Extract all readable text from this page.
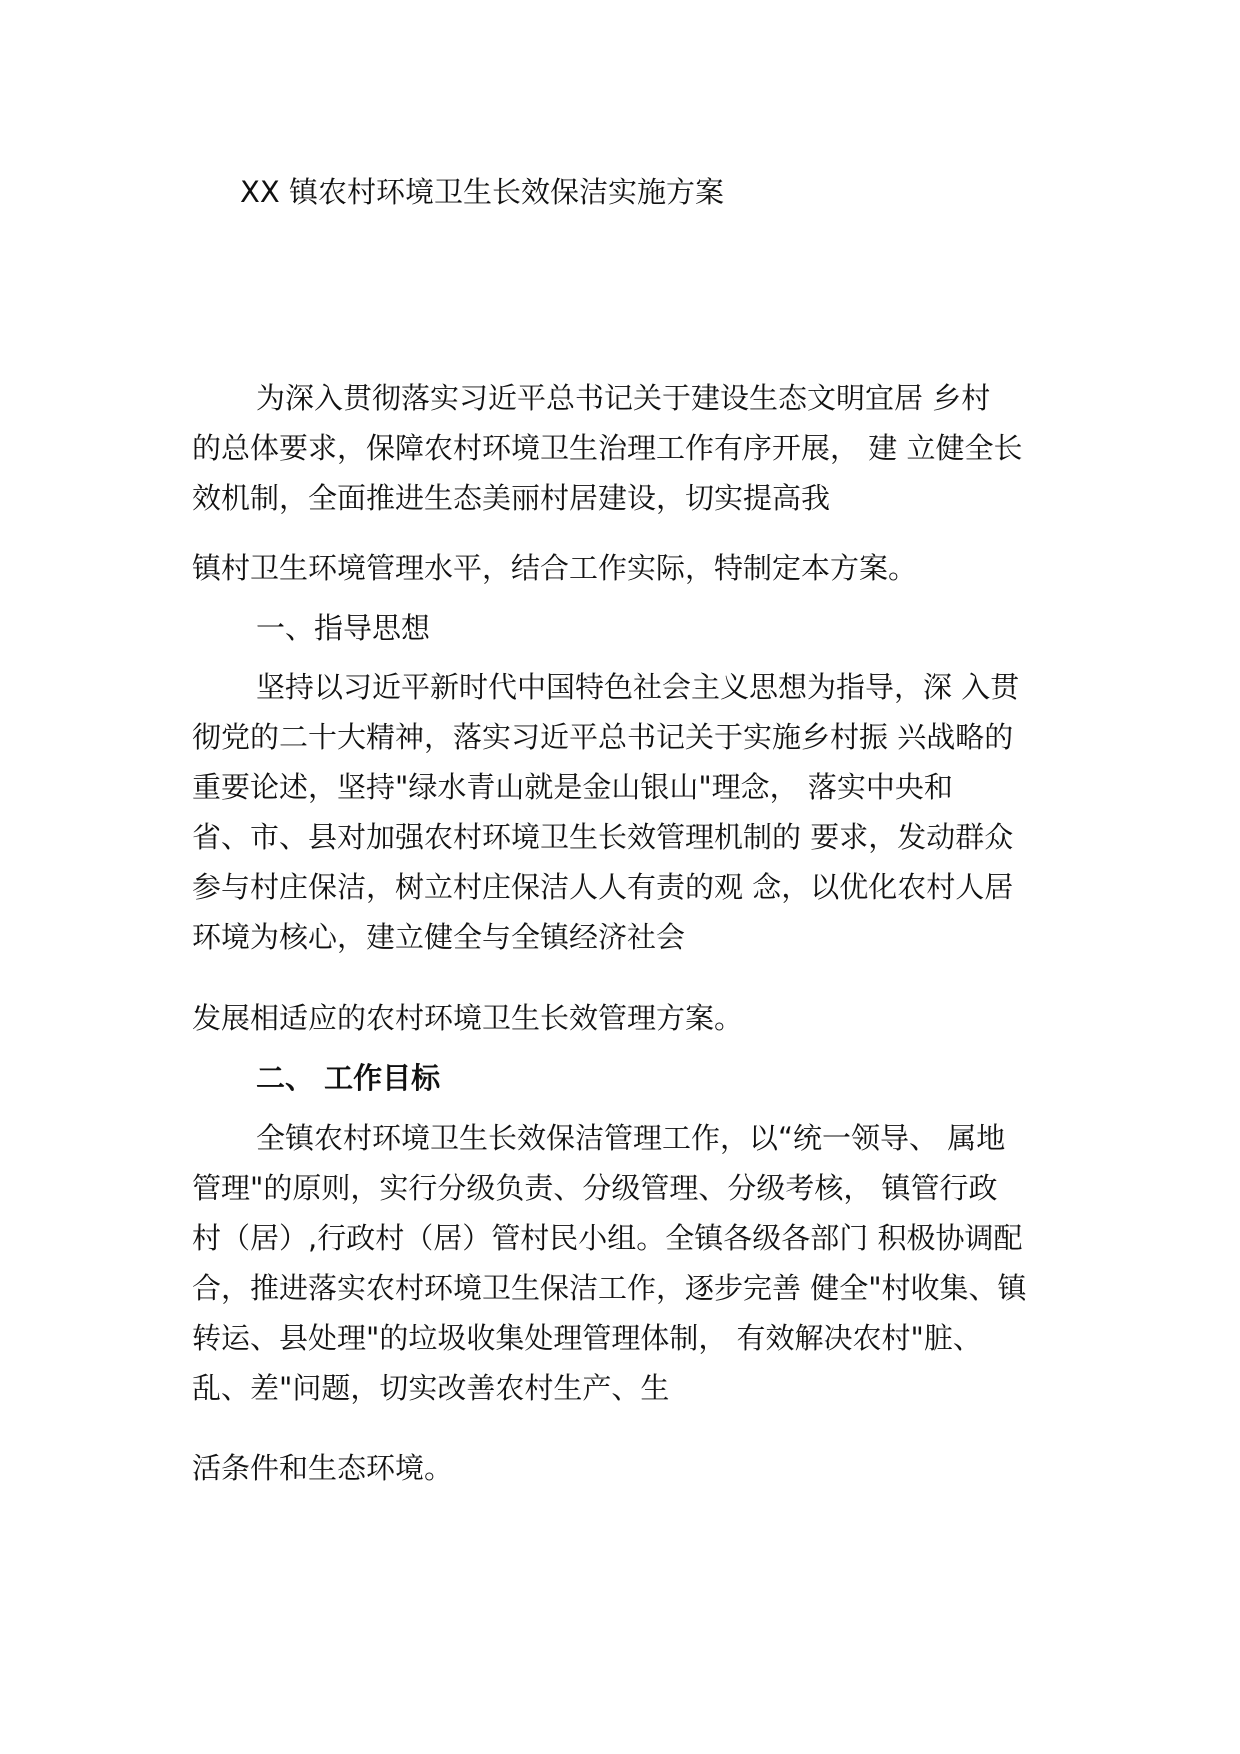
XX 镇农村环境卫生长效保洁实施方案
为深入贯彻落实习近平总书记关于建设生态文明宜居 乡村
的总体要求，保障农村环境卫生治理工作有序开展， 建 立健全长
效机制，全面推进生态美丽村居建设，切实提高我
镇村卫生环境管理水平，结合工作实际，特制定本方案。
一、指导思想
坚持以习近平新时代中国特色社会主义思想为指导，深 入贯
彻党的二十大精神，落实习近平总书记关于实施乡村振 兴战略的
重要论述，坚持"绿水青山就是金山银山"理念， 落实中央和
省、市、县对加强农村环境卫生长效管理机制的 要求，发动群众
参与村庄保洁，树立村庄保洁人人有责的观 念，以优化农村人居
环境为核心，建立健全与全镇经济社会
发展相适应的农村环境卫生长效管理方案。
二、 工作目标
全镇农村环境卫生长效保洁管理工作，以“统一领导、 属地
管理"的原则，实行分级负责、分级管理、分级考核， 镇管行政
村（居）,行政村（居）管村民小组。全镇各级各部门 积极协调配
合，推进落实农村环境卫生保洁工作，逐步完善 健全"村收集、镇
转运、县处理"的垃圾收集处理管理体制， 有效解决农村"脏、
乱、差"问题，切实改善农村生产、生
活条件和生态环境。
